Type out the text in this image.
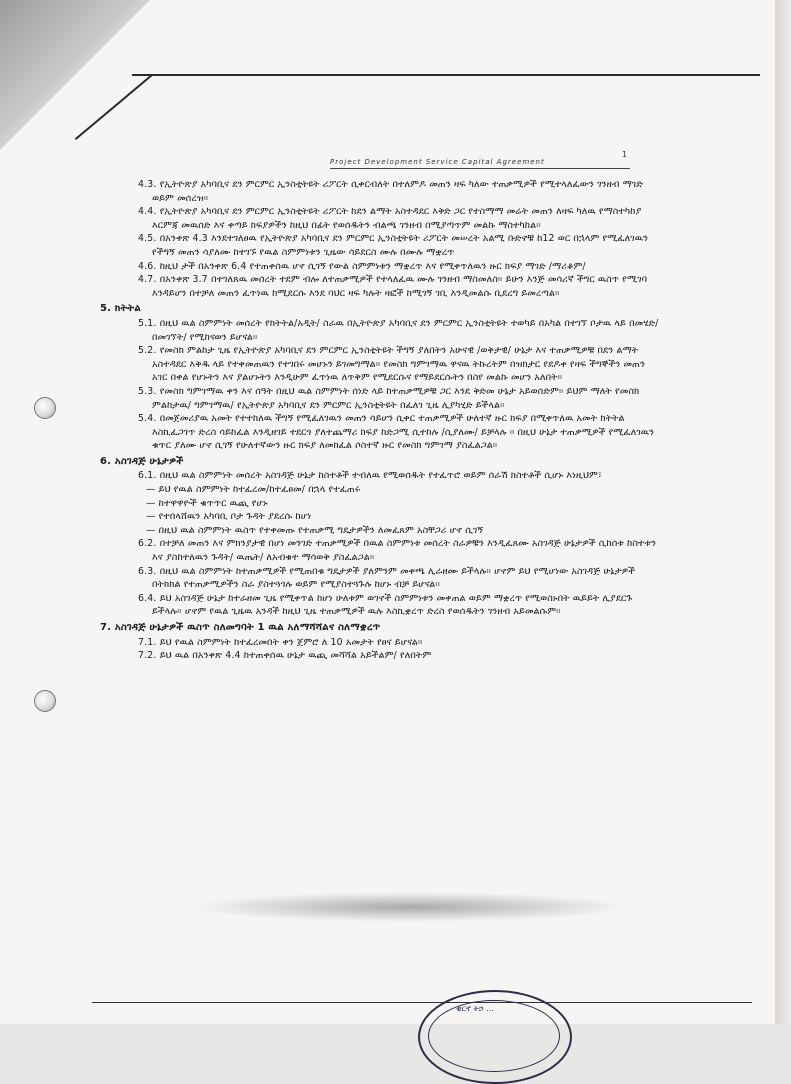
Project Development Service Capital Agreement
1

4.3. የኢትዮጵያ አካባቢና ደን ምርምር ኢንስቲትዩት ሪፖርት ሲቀርብለት በተለምዶ መጠን ዛፍ ካለው ተጠቃሚዎች የሚተላለፈውን ገንዘብ ማገድ ወይም መሰረዝ።

4.4. የኢትዮጵያ አካባቢና ደን ምርምር ኢንስቲትዩት ሪፖርት ከደን ልማት አስተዳደር እቅድ ጋር የተስማማ መሬት መጠን ለዛፍ ካለዉ የማስተካከያ እርምጃ መዉሰድ እና ቀጣይ ክፍያዎችን ከዚህ በፊት የወሰዱትን ብልጫ ገንዘብ በሚያጣጥም መልኩ ማስተካከል።

4.5. በአንቀጽ 4.3 እንደተገለፀዉ የኢትዮጵያ አካባቢና ደን ምርምር ኢንስቲትዩት ሪፖርት መሠረት አልሚ ቡድኖቹ ከ12 ወር በኋላም የሚፈለገዉን የችግኝ መጠን ሳያለሙ ከተገኙ የዉል ስምምነቱን ጊዜው ሳይደርስ ሙሉ በሙሉ ማቋረጥ

4.6. ከዚህ ታች በአንቀጽ 6.4 የተጠቀሰዉ ሆኖ ሲገኝ የውል ስምምነቱን ማቋረጥ እና የሚቀጥለዉን ዙር ክፍያ ማገድ /ማሪቆም/

4.7. በአንቀጽ 3.7 በተገለጸዉ መሰረት ተደም ብሎ ለተጠቃሚዎች የተላለፈዉ ሙሉ ገንዘብ ማስመለስ። ይሁን እንጅ መሳሪኛ ችግር ዉስጥ የሚገባ እንዳይሆን በተቻለ መጠን ፈጥነዉ ከሚደርሱ እንደ ባህር ዛፍ ካሉት ዛፎች ከሚገኝ ገቢ እንዲመልሱ ቢደረግ ይመረጣል።

5. ክትትል

5.1. በዚህ ዉል ስምምነት መሰረት የክትትል/አዲት/ ስራዉ በኢትዮጵያ አካባቢና ደን ምርምር ኢንስቲትዩት ተወካይ በአካል በተገኘ ቦታዉ ላይ በመሄድ/ በመገኘት/ የሚከናወን ይሆናል።

5.2. የመስክ ምልከታ ጊዜ የኢትዮጵያ አካባቢና ደን ምርምር ኢንስቲትዩት ችግኝ ያለበትን አሁናዊ /ወቅታዊ/ ሁኔታ እና ተጠቃሚዎቹ በደን ልማት አስተዳደር እቅዱ ላይ የተቀመጠዉን የተገበሩ መሆኑን ይገመግማል። የመስክ ግምገማዉ ዋናዉ ትኩረትም በዝክታር የደዶቀ የዛፍ ችግኞችን መጠን አገር በቀል የሆኑትን እና ያልሆኑትን እንዲሁም ፈጥነዉ ለጥቅም የሚደርሱና የማይደርሱትን በስየ መልኩ መሆን አለበት።

5.3. የመስክ ግምገማዉ ቀን እና ሰዓት በዚህ ዉል ስምምነት ሰነድ ላይ ከተጠቃሚዎቹ ጋር እንደ ቅድመ ሁኔታ አይወሰድም። ይህም ማለት የመስክ ምልከታዉ/ ግምገማዉ/ የኢትዮጵያ አካባቢና ደን ምርምር ኢንስቲትዩት በፈለገ ጊዜ ሊያካሂድ ይችላል።

5.4. በመጀመሪያዉ አመት የተተከለዉ ችግኝ የሚፈለገዉን መጠን ሳይሆን ሲቀር ተጠቃሚዎች ሁለተኛ ዙር ክፍያ በሚቀጥለዉ አመት ክትትል እስኪፈጋገጥ ድረስ ሳይከፈል እንዲዘገይ ተደርጎ ያለተጨማሪ ክፍያ ከድጋሚ ሲተከሉ /ሲያለሙ/ ይቻላሉ ። በዚህ ሁኔታ ተጠቃሚዎች የሚፈለገዉን ቁጥር ያለሙ ሆኖ ሲገኝ የሁለተኛውን ዙር ክፍያ ለመክፈል ሶስተኛ ዙር የመስክ ግምገማ ያስፈልጋል።

6. አስገዳጅ ሁኔታዎች

6.1. በዚህ ዉል ስምምነት መሰረት አስገዳጅ ሁኔታ ከስተቶች ተብለዉ የሚወሰዱት የተፈጥሮ ወይም ሰራሽ ክስተቶች ሲሆኑ እነዚህም፣

— ይህ የዉል ስምምነት ከተፈረመ/ከተፈፀመ/ በኋላ የተፈጠሩ

— ከተዋዋዮች ቁጥጥር ዉጪ የሆኑ

— የተበላሸዉን አካባቢ ቦታ ጉዳት ያደረሱ ከሆነ

— በዚህ ዉል ስምምነት ዉስጥ የተቀመጡ የተጠቃሚ ግዴታዎችን ለመፈጸም አስቸጋሪ ሆኖ ሲገኝ

6.2. በተቻለ መጠን እና ምክንያታዊ በሆነ መንገድ ተጠቃሚዎች በዉል ስምምነቱ መሰረት ስራዎቹን እንዲፈጸሙ አስገዳጅ ሁኔታዎች ሲከሰቱ ከስተቱን እና ያስከተለዉን ጉዳት/ ዉጤት/ ለአብቁተ ማሳወቅ ያስፈልጋል።

6.3. በዚህ ዉል ስምምነት ከተጠቃሚዎች የሚጠበቁ ግዴታዎች ያለምንም መቀጫ ሊራዘሙ ይችላሉ። ሆኖም ይህ የሚሆነው አስገዳጅ ሁኔታዎች በትክክል የተጠቃሚዎችን ስራ ያስተጓጎሉ ወይም የሚያስተጓጉሉ ከሆኑ ብቻ ይሆናል።

6.4. ይህ አስገዳጅ ሁኔታ ከተራዘመ ጊዜ የሚቀጥል ከሆነ ሁለቱም ወገኖች ስምምነቱን መቀጠል ወይም ማቋረጥ የሚወስኑበት ዉይይት ሊያደርጉ ይችላሉ። ሆኖም የዉል ጊዜዉ አንዳች ከዚህ ጊዜ ተጠቃሚዎች ዉሉ እስኪቋረጥ ድረስ የወሰዱትን ገንዘብ አይመልሱም።

7. አስገዳጅ ሁኔታዎች ዉስጥ ስለመግባት 1 ዉል አለማሻሻልና ስለማቋረጥ

7.1. ይህ የዉል ስምምነት ከተፈረመበት ቀን ጀምሮ ለ 10 አመታት የፀና ይሆናል።

7.2. ይህ ዉል በአንቀጽ 4.4 ከተጠቀሰዉ ሁኔታ ዉጪ መሻሻል አይችልም/ የለበትም

ቂርኖ ትኃ ...
